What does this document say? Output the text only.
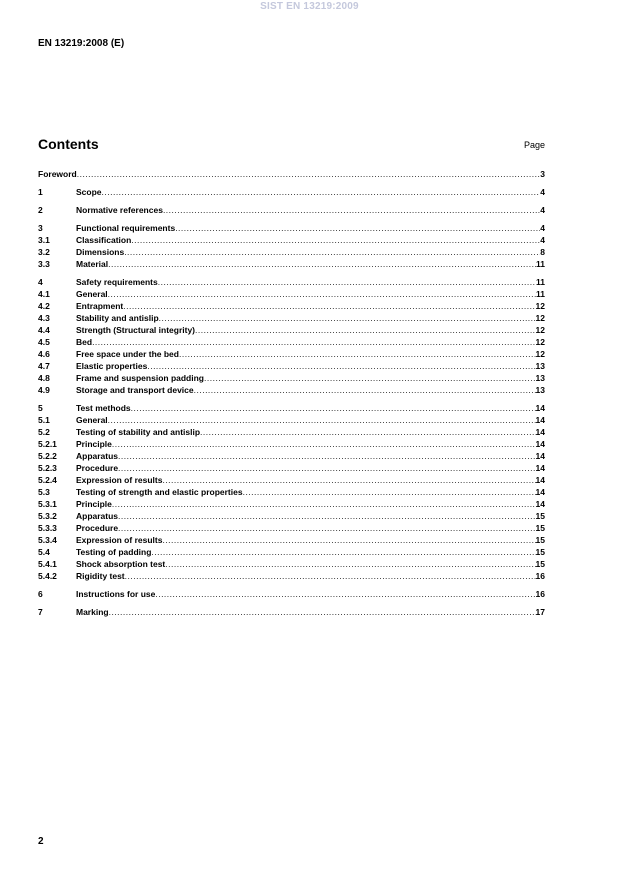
SIST EN 13219:2009
EN 13219:2008 (E)
Contents	Page
Foreword .....	3
1	Scope .....	4
2	Normative references .....	4
3	Functional requirements .....	4
3.1	Classification .....	4
3.2	Dimensions .....	8
3.3	Material .....	11
4	Safety requirements .....	11
4.1	General .....	11
4.2	Entrapment .....	12
4.3	Stability and antislip .....	12
4.4	Strength (Structural integrity) .....	12
4.5	Bed .....	12
4.6	Free space under the bed .....	12
4.7	Elastic properties .....	13
4.8	Frame and suspension padding .....	13
4.9	Storage and transport device .....	13
5	Test methods .....	14
5.1	General .....	14
5.2	Testing of stability and antislip .....	14
5.2.1	Principle .....	14
5.2.2	Apparatus .....	14
5.2.3	Procedure .....	14
5.2.4	Expression of results .....	14
5.3	Testing of strength and elastic properties .....	14
5.3.1	Principle .....	14
5.3.2	Apparatus .....	15
5.3.3	Procedure .....	15
5.3.4	Expression of results .....	15
5.4	Testing of padding .....	15
5.4.1	Shock absorption test .....	15
5.4.2	Rigidity test .....	16
6	Instructions for use .....	16
7	Marking .....	17
2
